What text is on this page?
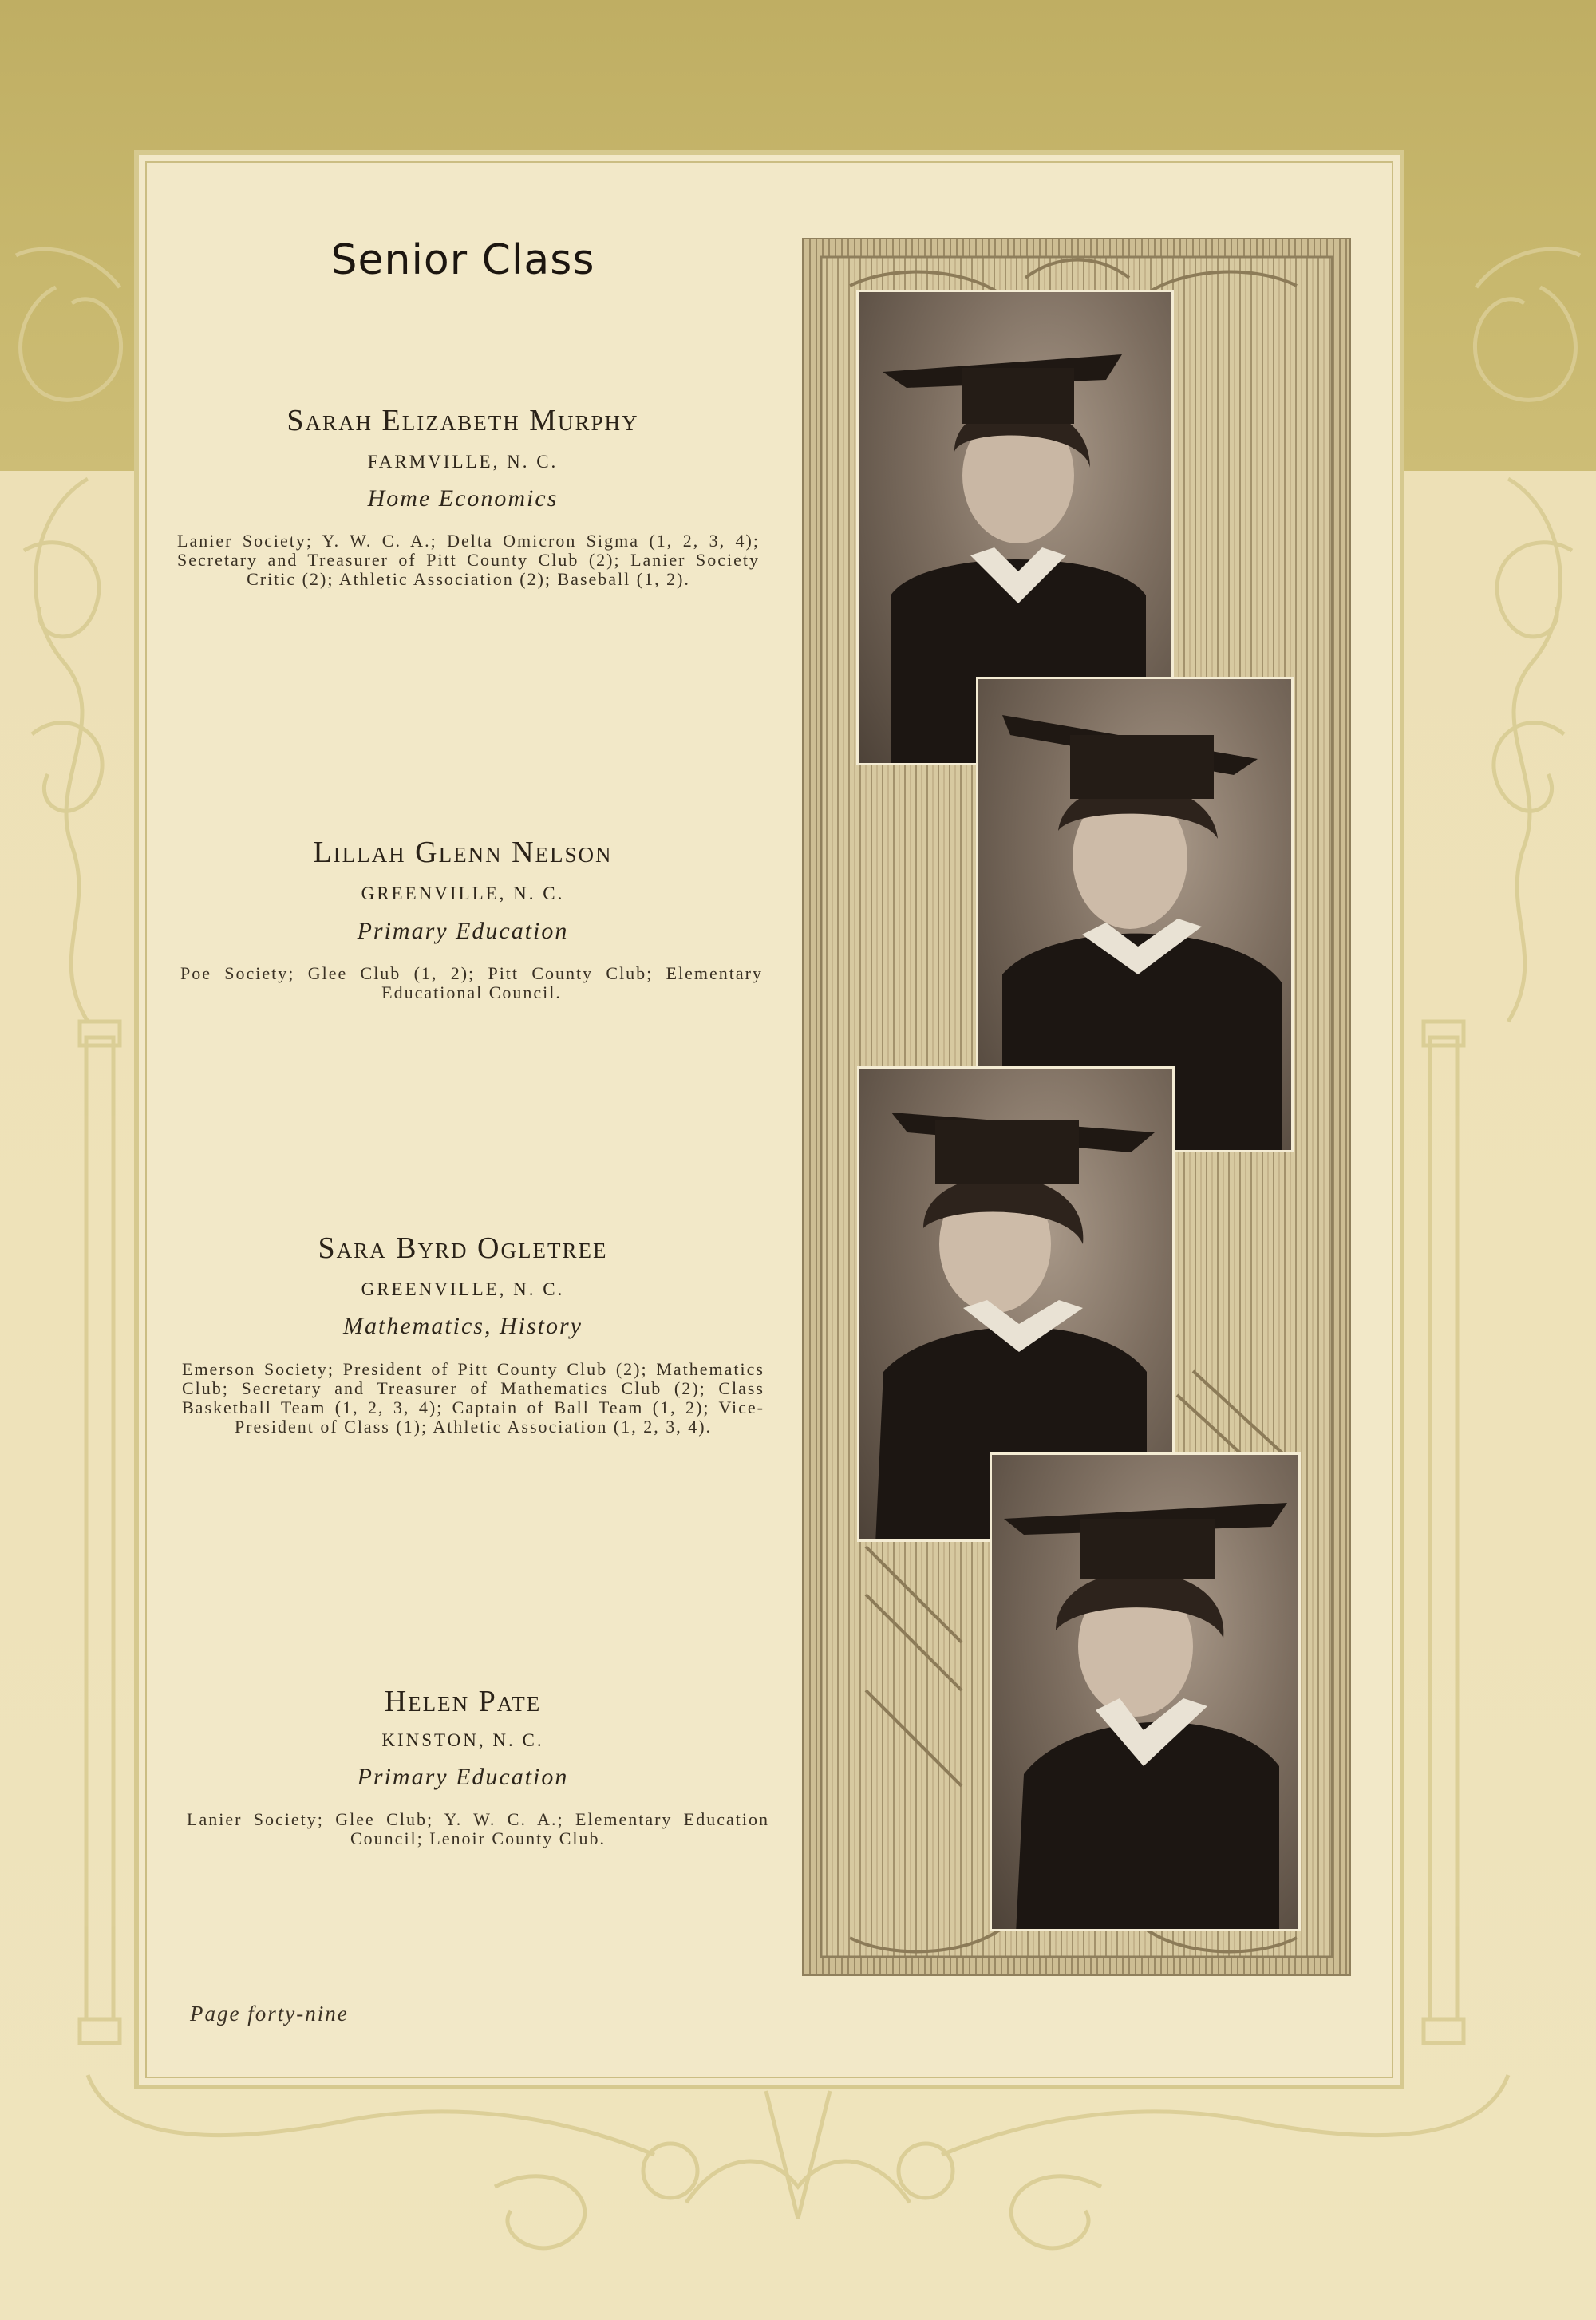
Senior Class
Sarah Elizabeth Murphy
FARMVILLE, N. C.
Home Economics
Lanier Society; Y. W. C. A.; Delta Omicron Sigma (1, 2, 3, 4); Secretary and Treasurer of Pitt County Club (2); Lanier Society Critic (2); Athletic Association (2); Baseball (1, 2).
Lillah Glenn Nelson
GREENVILLE, N. C.
Primary Education
Poe Society; Glee Club (1, 2); Pitt County Club; Elementary Educational Council.
Sara Byrd Ogletree
GREENVILLE, N. C.
Mathematics, History
Emerson Society; President of Pitt County Club (2); Mathematics Club; Secretary and Treasurer of Mathematics Club (2); Class Basketball Team (1, 2, 3, 4); Captain of Ball Team (1, 2); Vice-President of Class (1); Athletic Association (1, 2, 3, 4).
Helen Pate
KINSTON, N. C.
Primary Education
Lanier Society; Glee Club; Y. W. C. A.; Elementary Education Council; Lenoir County Club.
Page forty-nine
